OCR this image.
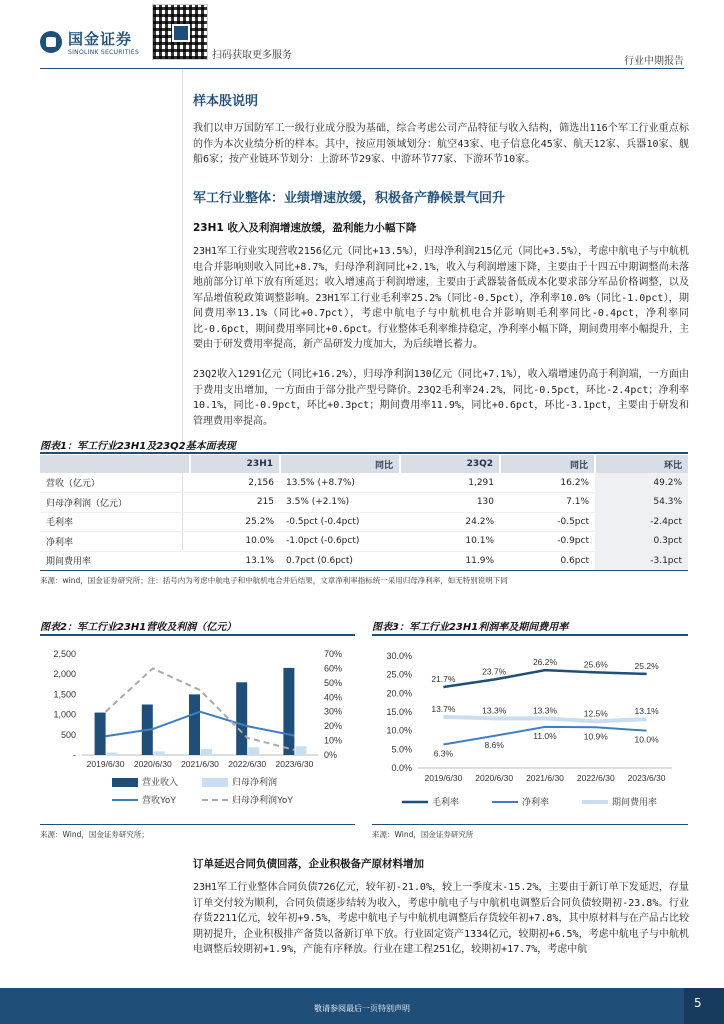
国金证券
SINOLINK SECURITIES	扫码获取更多服务
行业中期报告
样本股说明
我们以申万国防军工一级行业成分股为基础，综合考虑公司产品特征与收入结构，筛选出116个军工行业重点标的作为本次业绩分析的样本。其中，按应用领域划分：航空43家、电子信息化45家、航天12家、兵器10家、舰船6家；按产业链环节划分：上游环节29家、中游环节77家、下游环节10家。
军工行业整体：业绩增速放缓，积极备产静候景气回升
23H1 收入及利润增速放缓，盈利能力小幅下降
23H1军工行业实现营收2156亿元（同比+13.5%），归母净利润215亿元（同比+3.5%），考虑中航电子与中航机电合并影响则收入同比+8.7%，归母净利润同比+2.1%，收入与利润增速下降，主要由于十四五中期调整尚未落地前部分订单下放有所延迟；收入增速高于利润增速，主要由于武器装备低成本化要求部分军品价格调整，以及军品增值税政策调整影响。23H1军工行业毛利率25.2%（同比-0.5pct），净利率10.0%（同比-1.0pct），期间费用率13.1%（同比+0.7pct），考虑中航电子与中航机电合并影响则毛利率同比-0.4pct，净利率同比-0.6pct，期间费用率同比+0.6pct。行业整体毛利率维持稳定，净利率小幅下降，期间费用率小幅提升，主要由于研发费用率提高，新产品研发力度加大，为后续增长蓄力。
23Q2收入1291亿元（同比+16.2%），归母净利润130亿元（同比+7.1%），收入端增速仍高于利润端，一方面由于费用支出增加，一方面由于部分批产型号降价。23Q2毛利率24.2%，同比-0.5pct，环比-2.4pct；净利率10.1%，同比-0.9pct，环比+0.3pct；期间费用率11.9%，同比+0.6pct，环比-3.1pct，主要由于研发和管理费用率提高。
图表1：军工行业23H1及23Q2基本面表现
	23H1	同比	23Q2	同比	环比
营收（亿元）	2,156	13.5% (+8.7%)	1,291	16.2%	49.2%
归母净利润（亿元）	215	3.5% (+2.1%)	130	7.1%	54.3%
毛利率	25.2%	-0.5pct (-0.4pct)	24.2%	-0.5pct	-2.4pct
净利率	10.0%	-1.0pct (-0.6pct)	10.1%	-0.9pct	0.3pct
期间费用率	13.1%	0.7pct (0.6pct)	11.9%	0.6pct	-3.1pct
来源：wind，国金证券研究所；注：括号内为考虑中航电子和中航机电合并后结果，文章净利率指标统一采用归母净利率，如无特别说明下同
图表2：军工行业23H1营收及利润（亿元）
2,500
2,000
1,500
1,000
500
-
70%
60%
50%
40%
30%
20%
10%
0%
2019/6/30 2020/6/30 2021/6/30 2022/6/30 2023/6/30
营业收入	归母净利润
营收YoY	归母净利润YoY
来源：Wind，国金证券研究所；
图表3：军工行业23H1利润率及期间费用率
30.0%
25.0%
20.0%
15.0%
10.0%
5.0%
0.0%
2019/6/30 2020/6/30 2021/6/30 2022/6/30 2023/6/30
21.7%
23.7%
26.2%	25.6%	25.2%
6.3%
8.6%
11.0%	10.9%	10.0%
13.7%	13.3%	13.3%	12.5%	13.1%
毛利率	净利率	期间费用率
来源：Wind，国金证券研究所
订单延迟合同负债回落，企业积极备产原材料增加
23H1军工行业整体合同负债726亿元，较年初-21.0%，较上一季度末-15.2%，主要由于新订单下发延迟，存量订单交付较为顺利，合同负债逐步结转为收入，考虑中航电子与中航机电调整后合同负债较期初-23.8%。行业存货2211亿元，较年初+9.5%，考虑中航电子与中航机电调整后存货较年初+7.8%，其中原材料与在产品占比较期初提升，企业积极排产备货以备新订单下放。行业固定资产1334亿元，较期初+6.5%，考虑中航电子与中航机电调整后较期初+1.9%，产能有序释放。行业在建工程251亿，较期初+17.7%，考虑中航
敬请参阅最后一页特别声明	5
